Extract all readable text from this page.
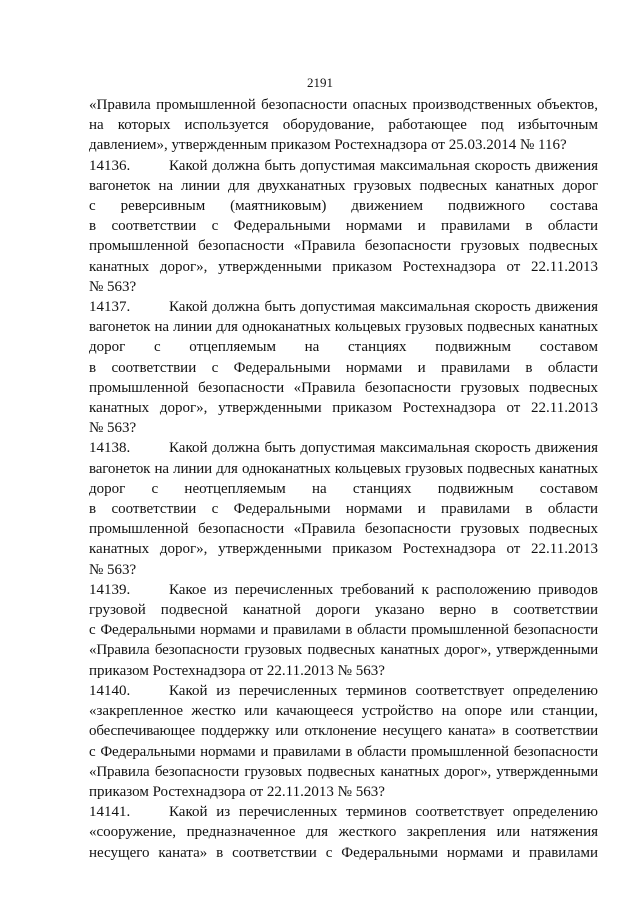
2191

«Правила промышленной безопасности опасных производственных объектов,
на которых используется оборудование, работающее под избыточным
давлением», утвержденным приказом Ростехнадзора от 25.03.2014 № 116?

14136.	Какой должна быть допустимая максимальная скорость движения
вагонеток на линии для двухканатных грузовых подвесных канатных дорог
с реверсивным (маятниковым) движением подвижного состава
в соответствии с Федеральными нормами и правилами в области
промышленной безопасности «Правила безопасности грузовых подвесных
канатных дорог», утвержденными приказом Ростехнадзора от 22.11.2013
№ 563?

14137.	Какой должна быть допустимая максимальная скорость движения
вагонеток на линии для одноканатных кольцевых грузовых подвесных канатных
дорог с отцепляемым на станциях подвижным составом
в соответствии с Федеральными нормами и правилами в области
промышленной безопасности «Правила безопасности грузовых подвесных
канатных дорог», утвержденными приказом Ростехнадзора от 22.11.2013
№ 563?

14138.	Какой должна быть допустимая максимальная скорость движения
вагонеток на линии для одноканатных кольцевых грузовых подвесных канатных
дорог с неотцепляемым на станциях подвижным составом
в соответствии с Федеральными нормами и правилами в области
промышленной безопасности «Правила безопасности грузовых подвесных
канатных дорог», утвержденными приказом Ростехнадзора от 22.11.2013
№ 563?

14139.	Какое из перечисленных требований к расположению приводов
грузовой подвесной канатной дороги указано верно в соответствии
с Федеральными нормами и правилами в области промышленной безопасности
«Правила безопасности грузовых подвесных канатных дорог», утвержденными
приказом Ростехнадзора от 22.11.2013 № 563?

14140.	Какой из перечисленных терминов соответствует определению
«закрепленное жестко или качающееся устройство на опоре или станции,
обеспечивающее поддержку или отклонение несущего каната» в соответствии
с Федеральными нормами и правилами в области промышленной безопасности
«Правила безопасности грузовых подвесных канатных дорог», утвержденными
приказом Ростехнадзора от 22.11.2013 № 563?

14141.	Какой из перечисленных терминов соответствует определению
«сооружение, предназначенное для жесткого закрепления или натяжения
несущего каната» в соответствии с Федеральными нормами и правилами
